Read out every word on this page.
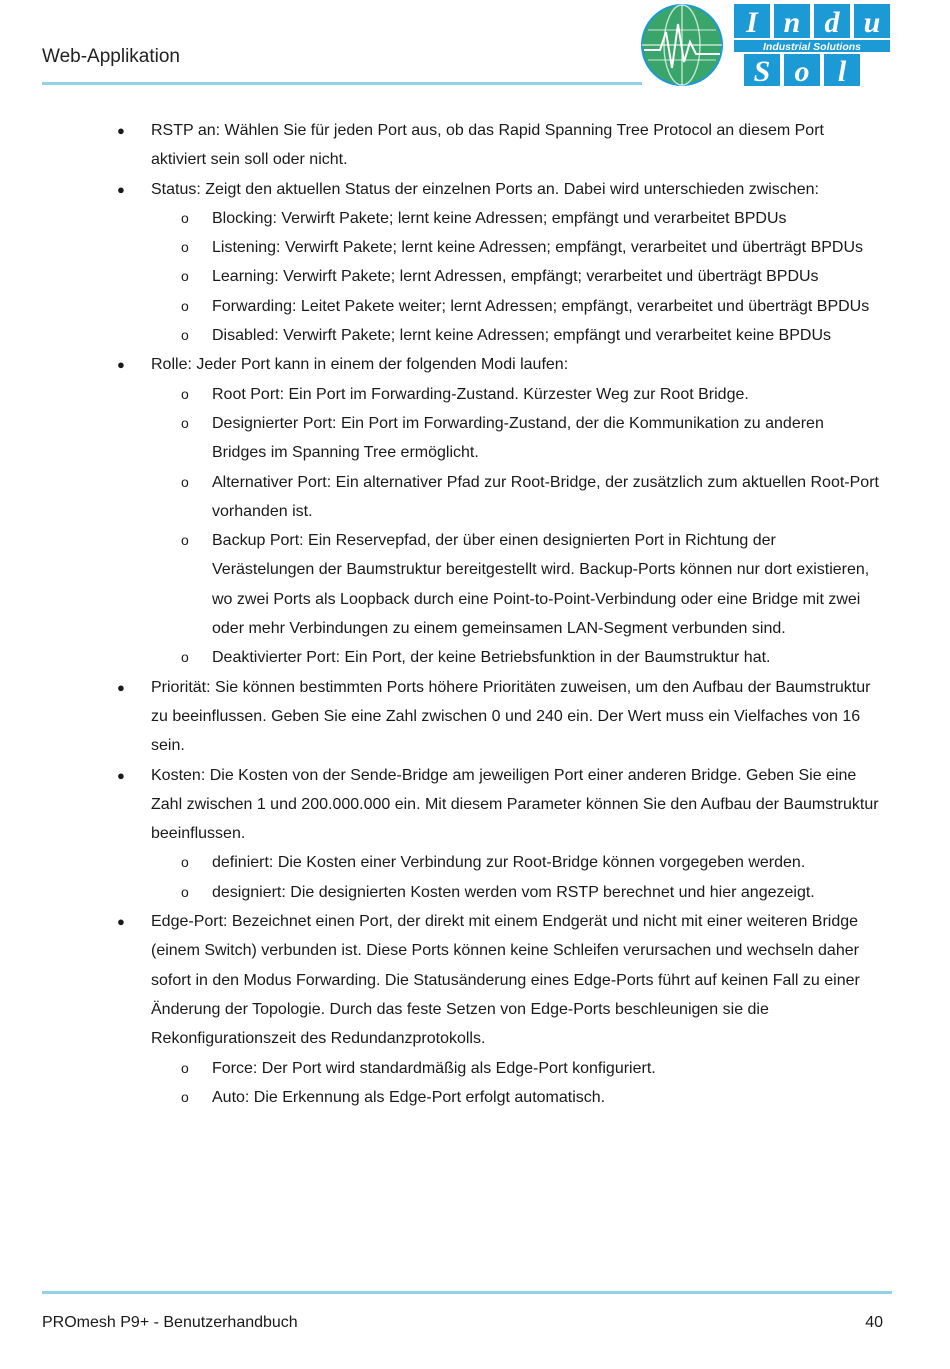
Web-Applikation
I n d u
Industrial Solutions
S o l
● RSTP an: Wählen Sie für jeden Port aus, ob das Rapid Spanning Tree Protocol an diesem Port aktiviert sein soll oder nicht.
● Status: Zeigt den aktuellen Status der einzelnen Ports an. Dabei wird unterschieden zwischen:
o Blocking: Verwirft Pakete; lernt keine Adressen; empfängt und verarbeitet BPDUs
o Listening: Verwirft Pakete; lernt keine Adressen; empfängt, verarbeitet und überträgt BPDUs
o Learning: Verwirft Pakete; lernt Adressen, empfängt; verarbeitet und überträgt BPDUs
o Forwarding: Leitet Pakete weiter; lernt Adressen; empfängt, verarbeitet und überträgt BPDUs
o Disabled: Verwirft Pakete; lernt keine Adressen; empfängt und verarbeitet keine BPDUs
● Rolle: Jeder Port kann in einem der folgenden Modi laufen:
o Root Port: Ein Port im Forwarding-Zustand. Kürzester Weg zur Root Bridge.
o Designierter Port: Ein Port im Forwarding-Zustand, der die Kommunikation zu anderen Bridges im Spanning Tree ermöglicht.
o Alternativer Port: Ein alternativer Pfad zur Root-Bridge, der zusätzlich zum aktuellen Root-Port vorhanden ist.
o Backup Port: Ein Reservepfad, der über einen designierten Port in Richtung der Verästelungen der Baumstruktur bereitgestellt wird. Backup-Ports können nur dort existieren, wo zwei Ports als Loopback durch eine Point-to-Point-Verbindung oder eine Bridge mit zwei oder mehr Verbindungen zu einem gemeinsamen LAN-Segment verbunden sind.
o Deaktivierter Port: Ein Port, der keine Betriebsfunktion in der Baumstruktur hat.
● Priorität: Sie können bestimmten Ports höhere Prioritäten zuweisen, um den Aufbau der Baumstruktur zu beeinflussen. Geben Sie eine Zahl zwischen 0 und 240 ein. Der Wert muss ein Vielfaches von 16 sein.
● Kosten: Die Kosten von der Sende-Bridge am jeweiligen Port einer anderen Bridge. Geben Sie eine Zahl zwischen 1 und 200.000.000 ein. Mit diesem Parameter können Sie den Aufbau der Baumstruktur beeinflussen.
o definiert: Die Kosten einer Verbindung zur Root-Bridge können vorgegeben werden.
o designiert: Die designierten Kosten werden vom RSTP berechnet und hier angezeigt.
● Edge-Port: Bezeichnet einen Port, der direkt mit einem Endgerät und nicht mit einer weiteren Bridge (einem Switch) verbunden ist. Diese Ports können keine Schleifen verursachen und wechseln daher sofort in den Modus Forwarding. Die Statusänderung eines Edge-Ports führt auf keinen Fall zu einer Änderung der Topologie. Durch das feste Setzen von Edge-Ports beschleunigen sie die Rekonfigurationszeit des Redundanzprotokolls.
o Force: Der Port wird standardmäßig als Edge-Port konfiguriert.
o Auto: Die Erkennung als Edge-Port erfolgt automatisch.
PROmesh P9+ - Benutzerhandbuch	40
